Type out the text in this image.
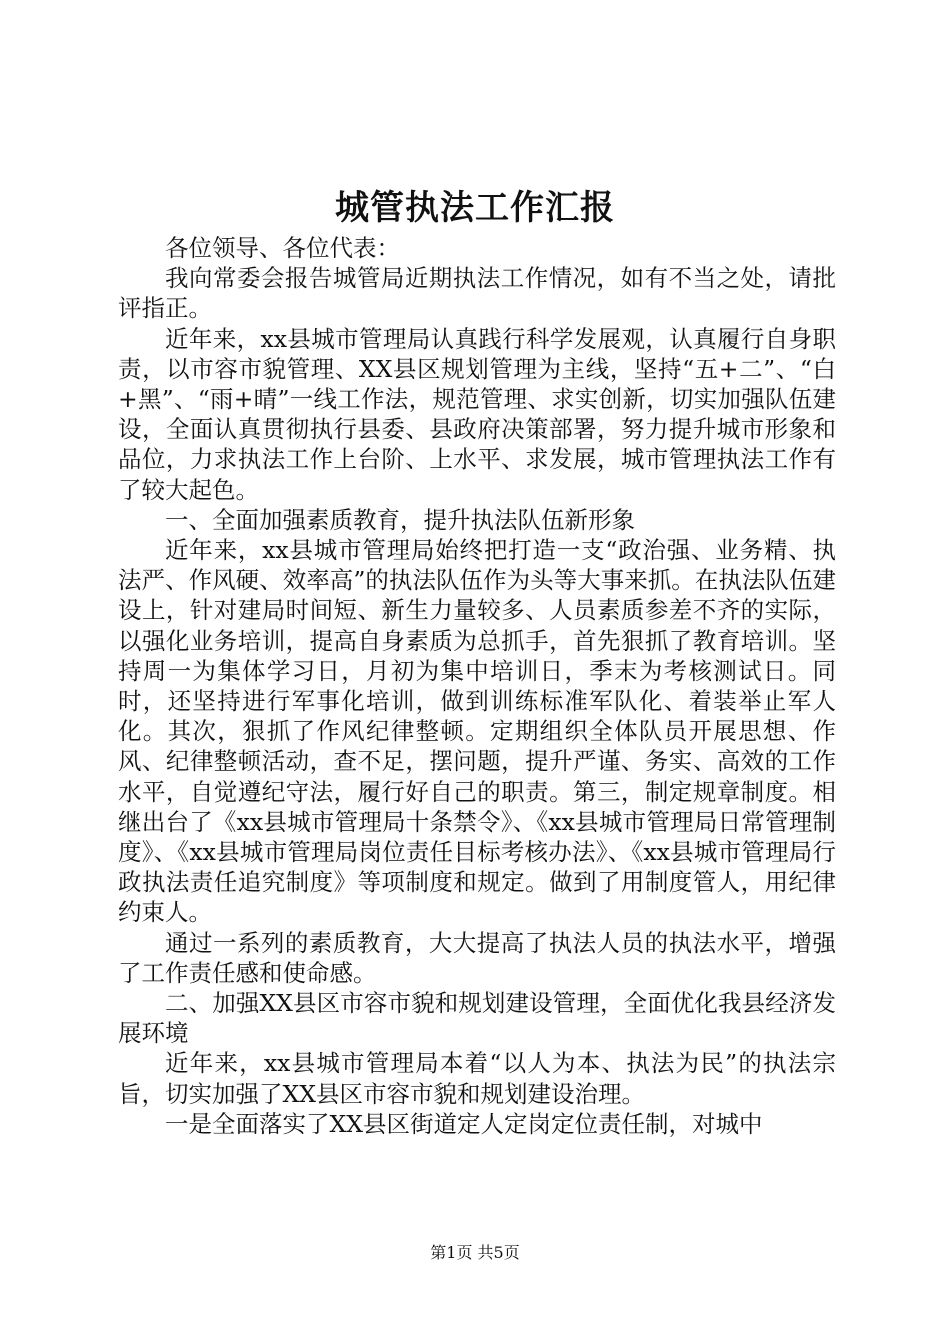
城管执法工作汇报

各位领导、各位代表：

我向常委会报告城管局近期执法工作情况，如有不当之处，请批评指正。

近年来，xx县城市管理局认真践行科学发展观，认真履行自身职责，以市容市貌管理、XX县区规划管理为主线，坚持“五+二”、“白+黑”、“雨+晴”一线工作法，规范管理、求实创新，切实加强队伍建设，全面认真贯彻执行县委、县政府决策部署，努力提升城市形象和品位，力求执法工作上台阶、上水平、求发展，城市管理执法工作有了较大起色。

一、全面加强素质教育，提升执法队伍新形象

近年来，xx县城市管理局始终把打造一支“政治强、业务精、执法严、作风硬、效率高”的执法队伍作为头等大事来抓。在执法队伍建设上，针对建局时间短、新生力量较多、人员素质参差不齐的实际，以强化业务培训，提高自身素质为总抓手，首先狠抓了教育培训。坚持周一为集体学习日，月初为集中培训日，季末为考核测试日。同时，还坚持进行军事化培训，做到训练标准军队化、着装举止军人化。其次，狠抓了作风纪律整顿。定期组织全体队员开展思想、作风、纪律整顿活动，查不足，摆问题，提升严谨、务实、高效的工作水平，自觉遵纪守法，履行好自己的职责。第三，制定规章制度。相继出台了《xx县城市管理局十条禁令》、《xx县城市管理局日常管理制度》、《xx县城市管理局岗位责任目标考核办法》、《xx县城市管理局行政执法责任追究制度》等项制度和规定。做到了用制度管人，用纪律约束人。

通过一系列的素质教育，大大提高了执法人员的执法水平，增强了工作责任感和使命感。

二、加强XX县区市容市貌和规划建设管理，全面优化我县经济发展环境

近年来，xx县城市管理局本着“以人为本、执法为民”的执法宗旨，切实加强了XX县区市容市貌和规划建设治理。

一是全面落实了XX县区街道定人定岗定位责任制，对城中

第1页 共5页
